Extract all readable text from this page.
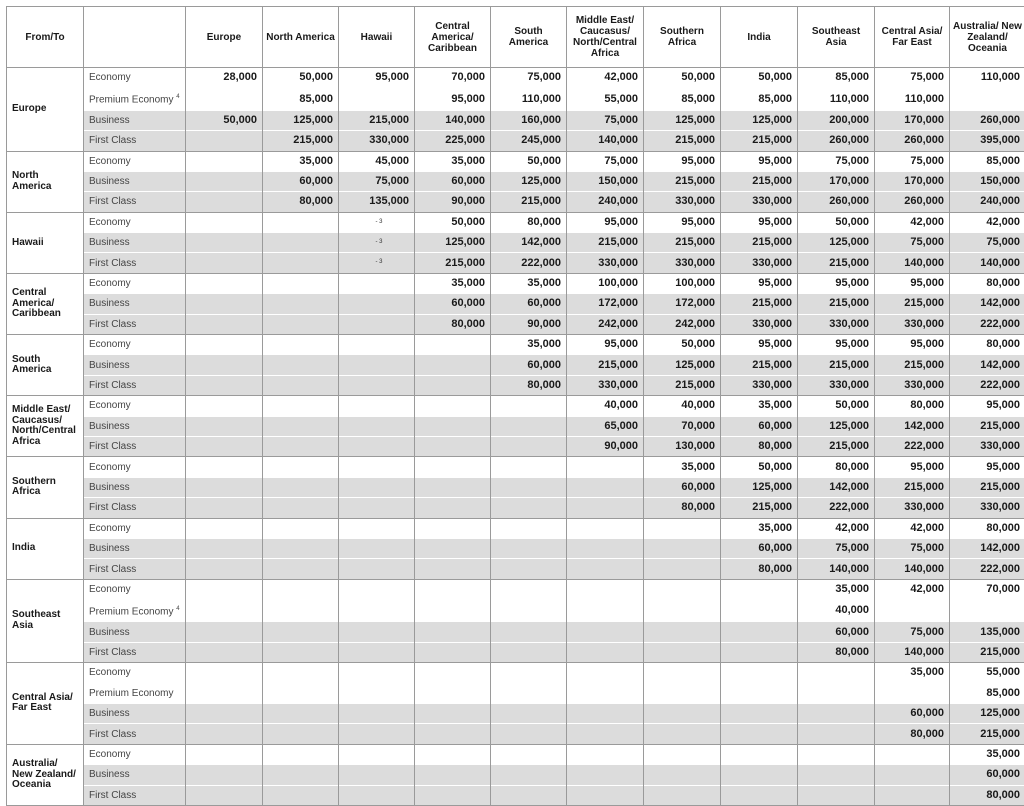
From/To		Europe	North America	Hawaii	Central America/ Caribbean	South America	Middle East/ Caucasus/ North/Central Africa	Southern Africa	India	Southeast Asia	Central Asia/ Far East	Australia/ New Zealand/ Oceania
Europe	Economy	28,000	50,000	95,000	70,000	75,000	42,000	50,000	50,000	85,000	75,000	110,000
	Premium Economy $^4$		85,000		95,000	110,000	55,000	85,000	85,000	110,000	110,000	
	Business	50,000	125,000	215,000	140,000	160,000	75,000	125,000	125,000	200,000	170,000	260,000
	First Class		215,000	330,000	225,000	245,000	140,000	215,000	215,000	260,000	260,000	395,000
North America	Economy		35,000	45,000	35,000	50,000	75,000	95,000	95,000	75,000	75,000	85,000
	Business		60,000	75,000	60,000	125,000	150,000	215,000	215,000	170,000	170,000	150,000
	First Class		80,000	135,000	90,000	215,000	240,000	330,000	330,000	260,000	260,000	240,000
Hawaii	Economy			- 3	50,000	80,000	95,000	95,000	95,000	50,000	42,000	42,000
	Business			- 3	125,000	142,000	215,000	215,000	215,000	125,000	75,000	75,000
	First Class			- 3	215,000	222,000	330,000	330,000	330,000	215,000	140,000	140,000
Central America/ Caribbean	Economy				35,000	35,000	100,000	100,000	95,000	95,000	95,000	80,000
	Business				60,000	60,000	172,000	172,000	215,000	215,000	215,000	142,000
	First Class				80,000	90,000	242,000	242,000	330,000	330,000	330,000	222,000
South America	Economy					35,000	95,000	50,000	95,000	95,000	95,000	80,000
	Business					60,000	215,000	125,000	215,000	215,000	215,000	142,000
	First Class					80,000	330,000	215,000	330,000	330,000	330,000	222,000
Middle East/ Caucasus/ North/Central Africa	Economy						40,000	40,000	35,000	50,000	80,000	95,000
	Business						65,000	70,000	60,000	125,000	142,000	215,000
	First Class						90,000	130,000	80,000	215,000	222,000	330,000
Southern Africa	Economy							35,000	50,000	80,000	95,000	95,000
	Business							60,000	125,000	142,000	215,000	215,000
	First Class							80,000	215,000	222,000	330,000	330,000
India	Economy								35,000	42,000	42,000	80,000
	Business								60,000	75,000	75,000	142,000
	First Class								80,000	140,000	140,000	222,000
Southeast Asia	Economy									35,000	42,000	70,000
	Premium Economy $^4$									40,000		
	Business									60,000	75,000	135,000
	First Class									80,000	140,000	215,000
Central Asia/ Far East	Economy										35,000	55,000
	Premium Economy											85,000
	Business										60,000	125,000
	First Class										80,000	215,000
Australia/ New Zealand/ Oceania	Economy											35,000
	Business											60,000
	First Class											80,000
